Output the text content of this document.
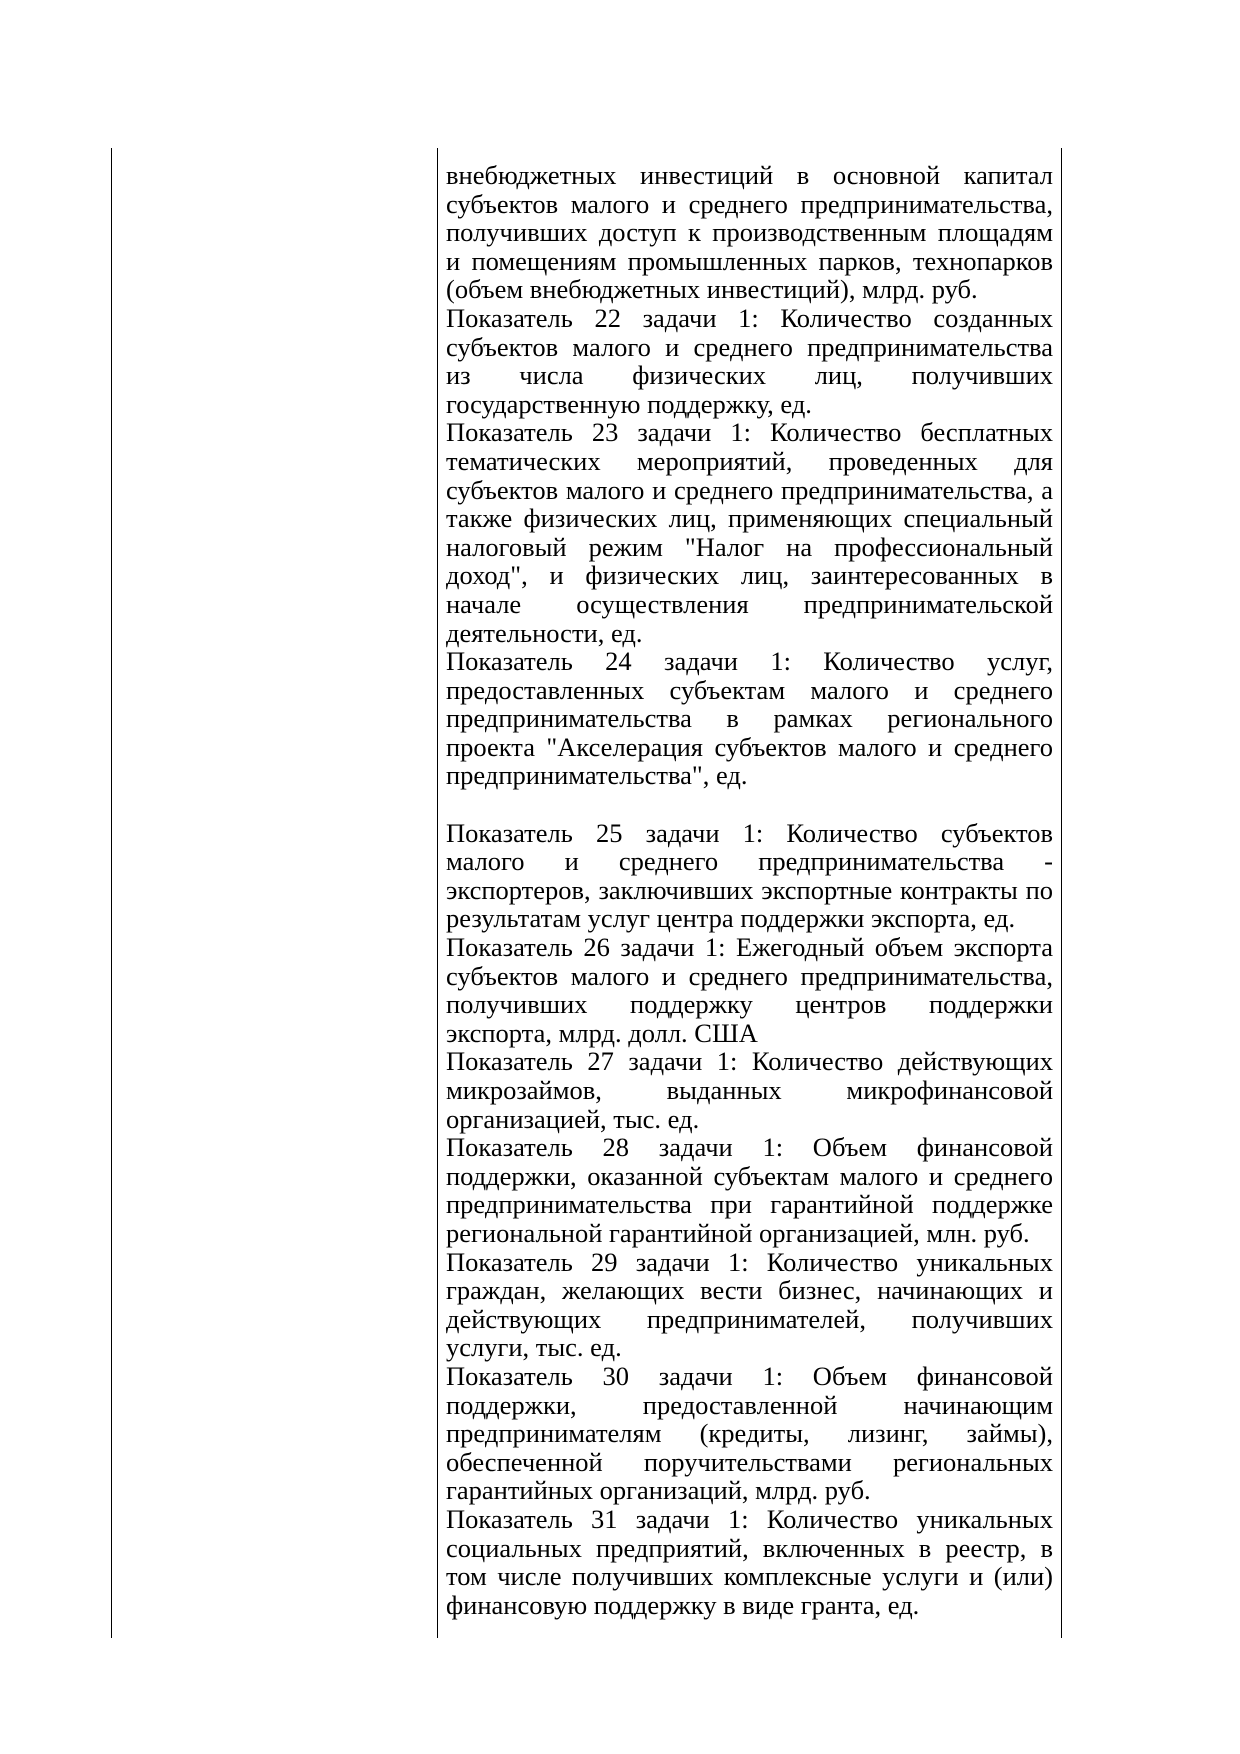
внебюджетных инвестиций в основной капитал субъектов малого и среднего предпринимательства, получивших доступ к производственным площадям и помещениям промышленных парков, технопарков (объем внебюджетных инвестиций), млрд. руб.

Показатель 22 задачи 1: Количество созданных субъектов малого и среднего предпринимательства из числа физических лиц, получивших государственную поддержку, ед.

Показатель 23 задачи 1: Количество бесплатных тематических мероприятий, проведенных для субъектов малого и среднего предпринимательства, а также физических лиц, применяющих специальный налоговый режим "Налог на профессиональный доход", и физических лиц, заинтересованных в начале осуществления предпринимательской деятельности, ед.

Показатель 24 задачи 1: Количество услуг, предоставленных субъектам малого и среднего предпринимательства в рамках регионального проекта "Акселерация субъектов малого и среднего предпринимательства", ед.

Показатель 25 задачи 1: Количество субъектов малого и среднего предпринимательства - экспортеров, заключивших экспортные контракты по результатам услуг центра поддержки экспорта, ед.

Показатель 26 задачи 1: Ежегодный объем экспорта субъектов малого и среднего предпринимательства, получивших поддержку центров поддержки экспорта, млрд. долл. США

Показатель 27 задачи 1: Количество действующих микрозаймов, выданных микрофинансовой организацией, тыс. ед.

Показатель 28 задачи 1: Объем финансовой поддержки, оказанной субъектам малого и среднего предпринимательства при гарантийной поддержке региональной гарантийной организацией, млн. руб.

Показатель 29 задачи 1: Количество уникальных граждан, желающих вести бизнес, начинающих и действующих предпринимателей, получивших услуги, тыс. ед.

Показатель 30 задачи 1: Объем финансовой поддержки, предоставленной начинающим предпринимателям (кредиты, лизинг, займы), обеспеченной поручительствами региональных гарантийных организаций, млрд. руб.

Показатель 31 задачи 1: Количество уникальных социальных предприятий, включенных в реестр, в том числе получивших комплексные услуги и (или) финансовую поддержку в виде гранта, ед.
